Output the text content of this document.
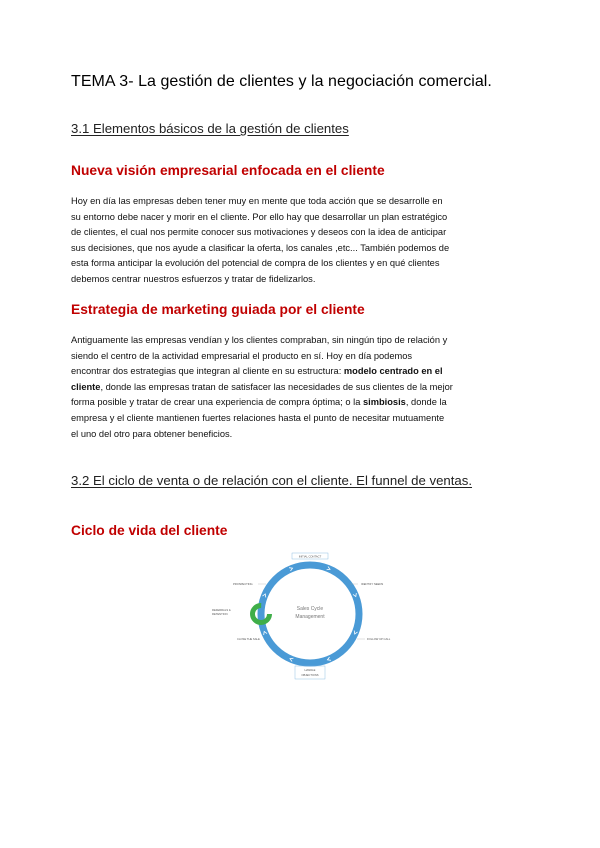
TEMA 3- La gestión de clientes y la negociación comercial.
3.1 Elementos básicos de la gestión de clientes
Nueva visión empresarial enfocada en el cliente

Hoy en día las empresas deben tener muy en mente que toda acción que se desarrolle en
su entorno debe nacer y morir en el cliente. Por ello hay que desarrollar un plan estratégico
de clientes, el cual nos permite conocer sus motivaciones y deseos con la idea de anticipar
sus decisiones, que nos ayude a clasificar la oferta, los canales ,etc... También podemos de
esta forma anticipar la evolución del potencial de compra de los clientes y en qué clientes
debemos centrar nuestros esfuerzos y tratar de fidelizarlos.

Estrategia de marketing guiada por el cliente

Antiguamente las empresas vendían y los clientes compraban, sin ningún tipo de relación y
siendo el centro de la actividad empresarial el producto en sí. Hoy en día podemos
encontrar dos estrategias que integran al cliente en su estructura: modelo centrado en el
cliente, donde las empresas tratan de satisfacer las necesidades de sus clientes de la mejor
forma posible y tratar de crear una experiencia de compra óptima; o la simbiosis, donde la
empresa y el cliente mantienen fuertes relaciones hasta el punto de necesitar mutuamente
el uno del otro para obtener beneficios.

3.2 El ciclo de venta o de relación con el cliente. El funnel de ventas.
Ciclo de vida del cliente
Sales Cycle
Management
INITIAL CONTACT
IDENTIFY NEEDS
FOLLOW UP CALL
HANDLE
OBJECTIONS
CLOSE THE SALE
REFERRALS &
RETENTION
PROSPECTING
